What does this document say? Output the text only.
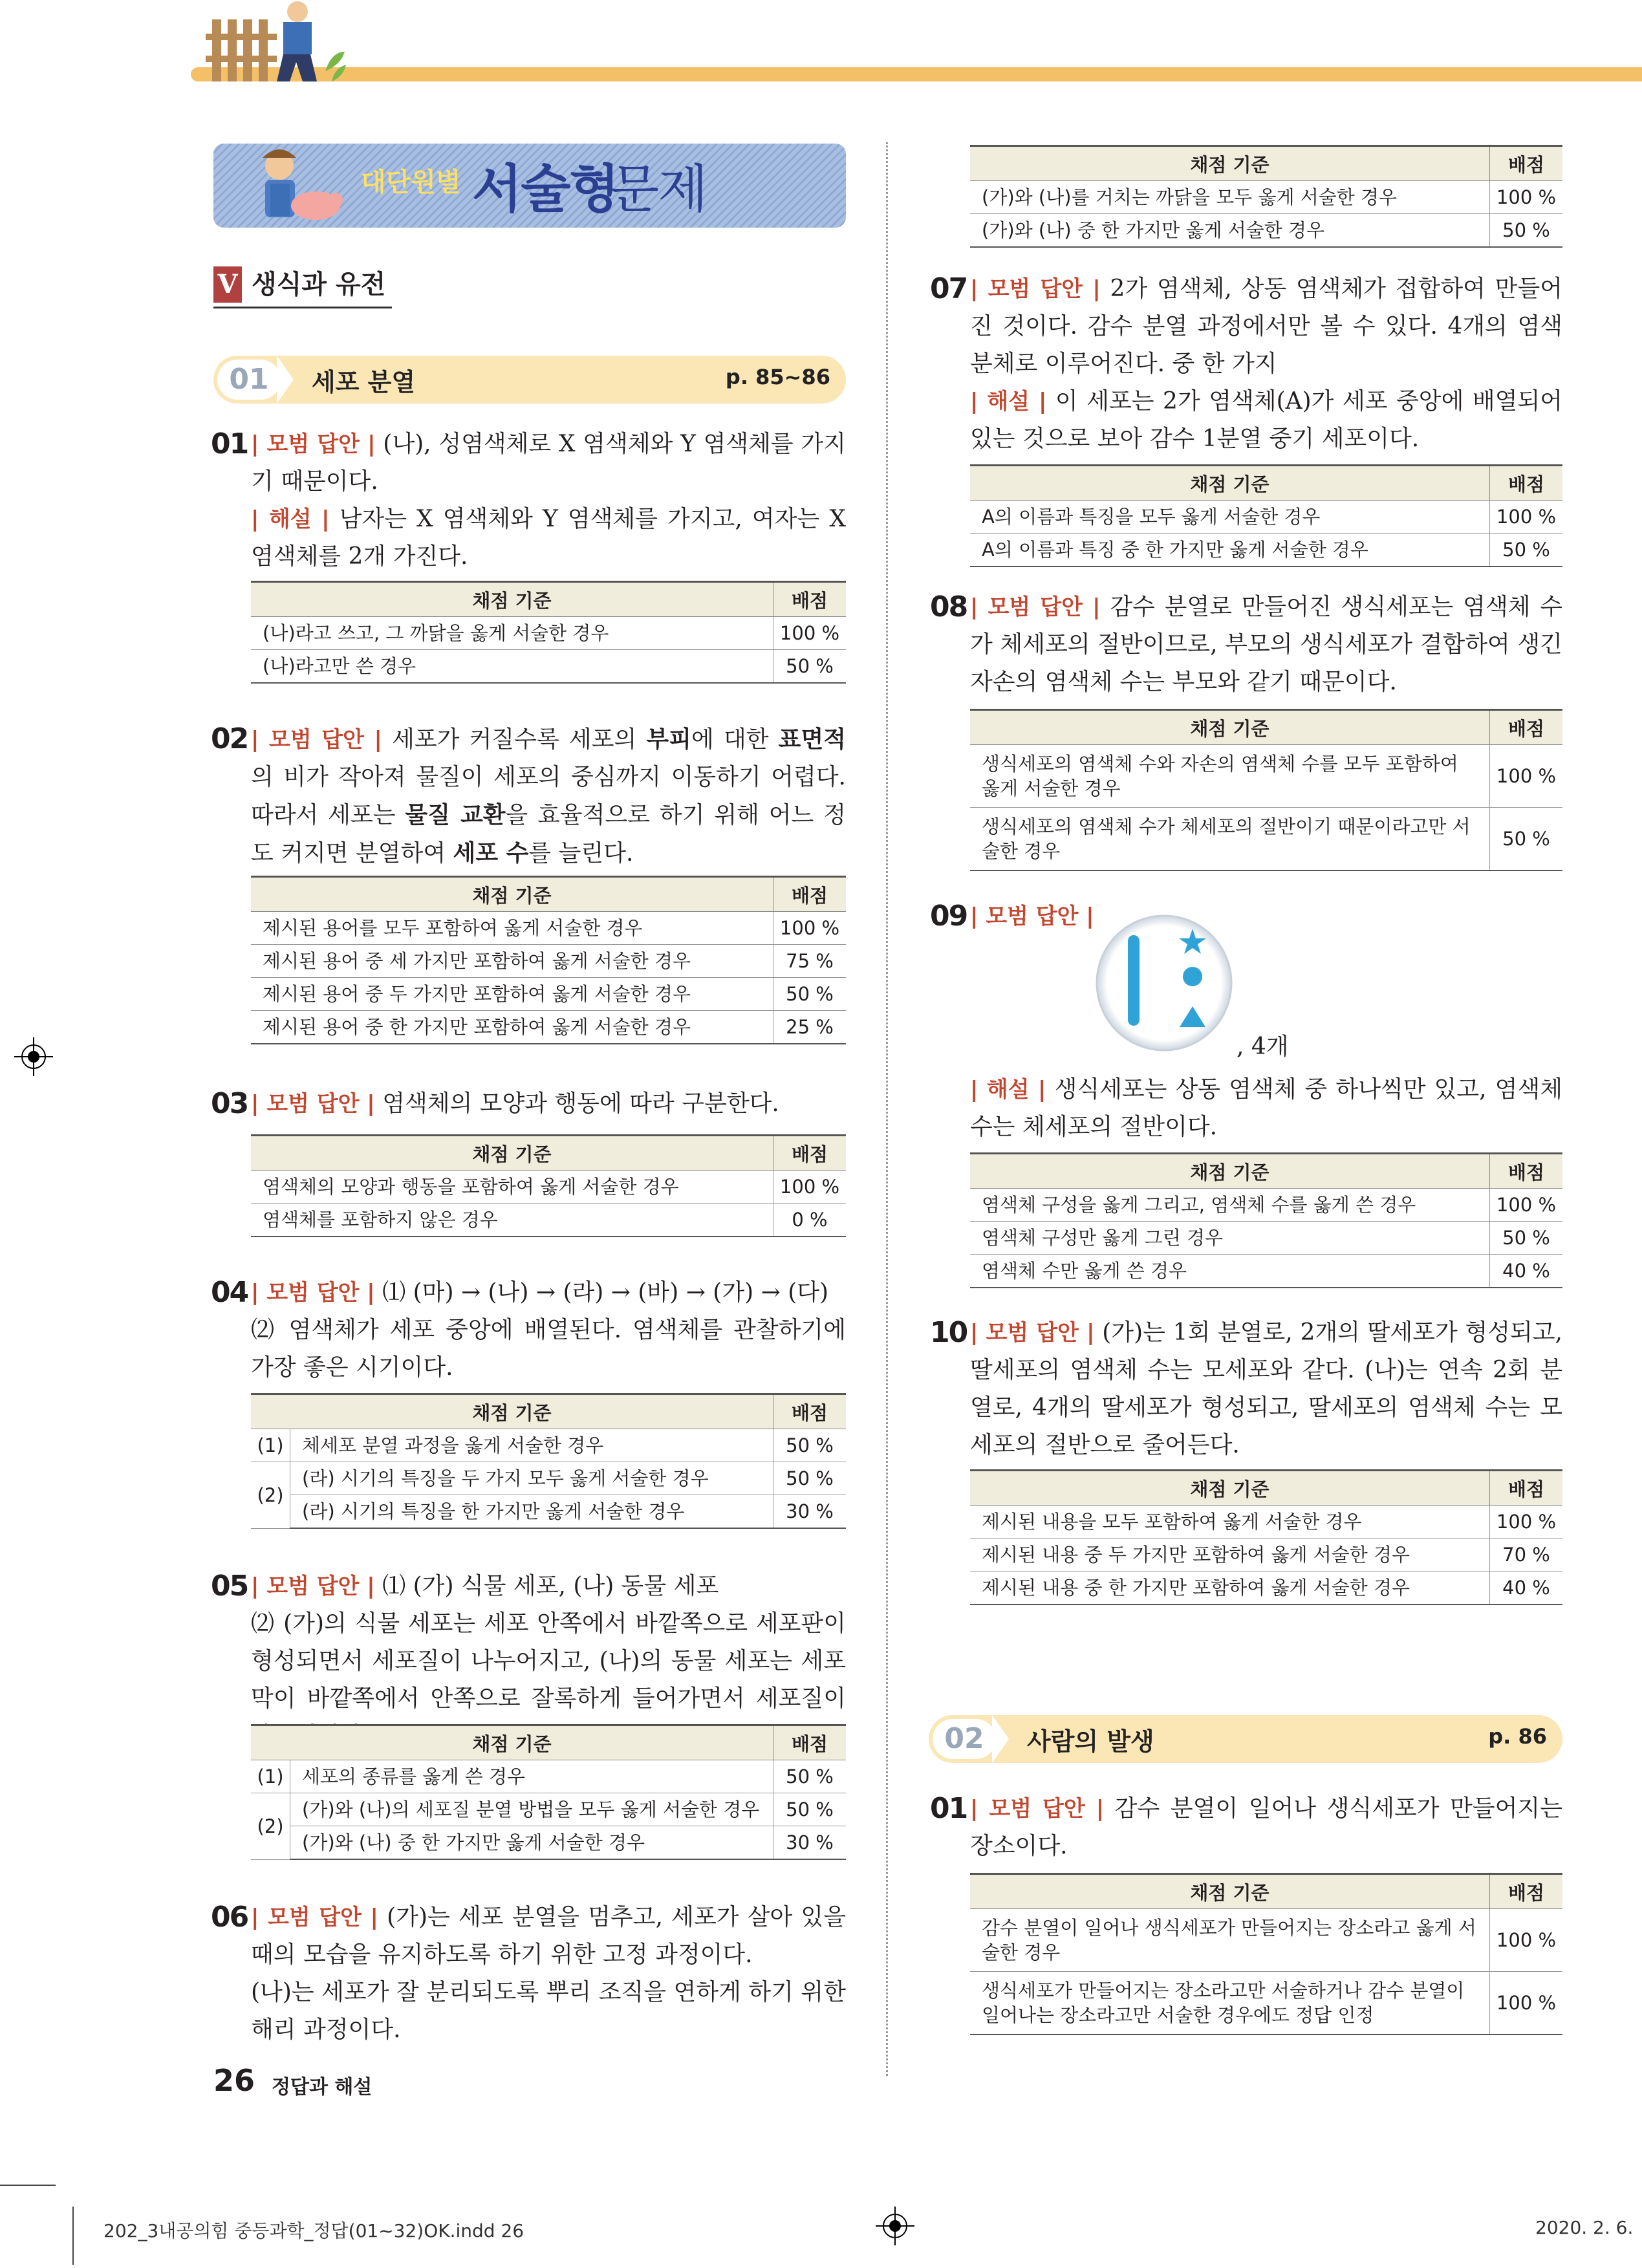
대단원별 서술형
문제
V 생식과 유전
01	세포 분열	p. 85~86
01 | 모범 답안 | (나), 성염색체로 X 염색체와 Y 염색체를 가지기 때문이다.
| 해설 | 남자는 X 염색체와 Y 염색체를 가지고, 여자는 X 염색체를 2개 가진다.
채점 기준	배점
(나)라고 쓰고, 그 까닭을 옳게 서술한 경우	100 %
(나)라고만 쓴 경우	50 %
02 | 모범 답안 | 세포가 커질수록 세포의 부피에 대한 표면적의 비가 작아져 물질이 세포의 중심까지 이동하기 어렵다. 따라서 세포는 물질 교환을 효율적으로 하기 위해 어느 정도 커지면 분열하여 세포 수를 늘린다.
채점 기준	배점
제시된 용어를 모두 포함하여 옳게 서술한 경우	100 %
제시된 용어 중 세 가지만 포함하여 옳게 서술한 경우	75 %
제시된 용어 중 두 가지만 포함하여 옳게 서술한 경우	50 %
제시된 용어 중 한 가지만 포함하여 옳게 서술한 경우	25 %
03 | 모범 답안 | 염색체의 모양과 행동에 따라 구분한다.
채점 기준	배점
염색체의 모양과 행동을 포함하여 옳게 서술한 경우	100 %
염색체를 포함하지 않은 경우	0 %
04 | 모범 답안 | ⑴ (마) → (나) → (라) → (바) → (가) → (다)
⑵ 염색체가 세포 중앙에 배열된다. 염색체를 관찰하기에 가장 좋은 시기이다.
채점 기준		배점
(1)	체세포 분열 과정을 옳게 서술한 경우	50 %
(2)	(라) 시기의 특징을 두 가지 모두 옳게 서술한 경우	50 %
	(라) 시기의 특징을 한 가지만 옳게 서술한 경우	30 %
05 | 모범 답안 | ⑴ (가) 식물 세포, (나) 동물 세포
⑵ (가)의 식물 세포는 세포 안쪽에서 바깥쪽으로 세포판이 형성되면서 세포질이 나누어지고, (나)의 동물 세포는 세포막이 바깥쪽에서 안쪽으로 잘록하게 들어가면서 세포질이
채점 기준		배점
(1)	세포의 종류를 옳게 쓴 경우	50 %
(2)	(가)와 (나)의 세포질 분열 방법을 모두 옳게 서술한 경우	50 %
	(가)와 (나) 중 한 가지만 옳게 서술한 경우	30 %
06 | 모범 답안 | (가)는 세포 분열을 멈추고, 세포가 살아 있을 때의 모습을 유지하도록 하기 위한 고정 과정이다.
(나)는 세포가 잘 분리되도록 뿌리 조직을 연하게 하기 위한 해리 과정이다.
채점 기준	배점
(가)와 (나)를 거치는 까닭을 모두 옳게 서술한 경우	100 %
(가)와 (나) 중 한 가지만 옳게 서술한 경우	50 %
07 | 모범 답안 | 2가 염색체, 상동 염색체가 접합하여 만들어진 것이다. 감수 분열 과정에서만 볼 수 있다. 4개의 염색 분체로 이루어진다. 중 한 가지
| 해설 | 이 세포는 2가 염색체(A)가 세포 중앙에 배열되어 있는 것으로 보아 감수 1분열 중기 세포이다.
채점 기준	배점
A의 이름과 특징을 모두 옳게 서술한 경우	100 %
A의 이름과 특징 중 한 가지만 옳게 서술한 경우	50 %
08 | 모범 답안 | 감수 분열로 만들어진 생식세포는 염색체 수가 체세포의 절반이므로, 부모의 생식세포가 결합하여 생긴 자손의 염색체 수는 부모와 같기 때문이다.
채점 기준	배점
생식세포의 염색체 수와 자손의 염색체 수를 모두 포함하여 옳게 서술한 경우	100 %
생식세포의 염색체 수가 체세포의 절반이기 때문이라고만 서술한 경우	50 %
09 | 모범 답안 |
, 4개
| 해설 | 생식세포는 상동 염색체 중 하나씩만 있고, 염색체 수는 체세포의 절반이다.
채점 기준	배점
염색체 구성을 옳게 그리고, 염색체 수를 옳게 쓴 경우	100 %
염색체 구성만 옳게 그린 경우	50 %
염색체 수만 옳게 쓴 경우	40 %
10 | 모범 답안 | (가)는 1회 분열로, 2개의 딸세포가 형성되고, 딸세포의 염색체 수는 모세포와 같다. (나)는 연속 2회 분열로, 4개의 딸세포가 형성되고, 딸세포의 염색체 수는 모세포의 절반으로 줄어든다.
채점 기준	배점
제시된 내용을 모두 포함하여 옳게 서술한 경우	100 %
제시된 내용 중 두 가지만 포함하여 옳게 서술한 경우	70 %
제시된 내용 중 한 가지만 포함하여 옳게 서술한 경우	40 %
02	사람의 발생	p. 86
01 | 모범 답안 | 감수 분열이 일어나 생식세포가 만들어지는 장소이다.
채점 기준	배점
감수 분열이 일어나 생식세포가 만들어지는 장소라고 옳게 서술한 경우	100 %
생식세포가 만들어지는 장소라고만 서술하거나 감수 분열이 일어나는 장소라고만 서술한 경우에도 정답 인정	100 %
26 정답과 해설
202_3내공의힘 중등과학_정답(01~32)OK.indd 26	2020. 2. 6.
